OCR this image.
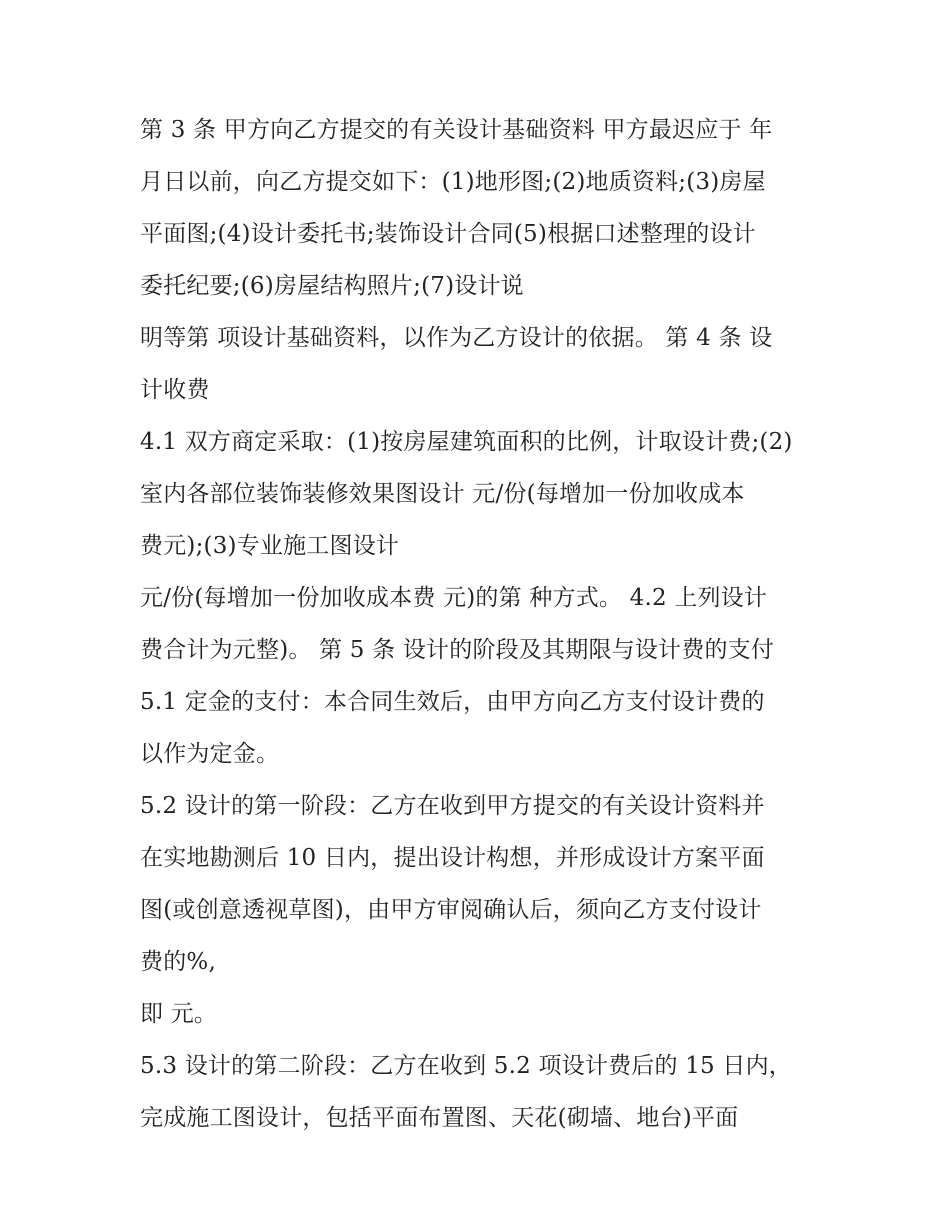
第 3 条 甲方向乙方提交的有关设计基础资料 甲方最迟应于 年
月日以前，向乙方提交如下：(1)地形图;(2)地质资料;(3)房屋
平面图;(4)设计委托书;装饰设计合同(5)根据口述整理的设计
委托纪要;(6)房屋结构照片;(7)设计说
明等第 项设计基础资料，以作为乙方设计的依据。 第 4 条 设
计收费
4.1 双方商定采取：(1)按房屋建筑面积的比例，计取设计费;(2)
室内各部位装饰装修效果图设计 元/份(每增加一份加收成本
费元);(3)专业施工图设计
元/份(每增加一份加收成本费 元)的第 种方式。 4.2 上列设计
费合计为元整)。 第 5 条 设计的阶段及其期限与设计费的支付
5.1 定金的支付：本合同生效后，由甲方向乙方支付设计费的
以作为定金。
5.2 设计的第一阶段：乙方在收到甲方提交的有关设计资料并
在实地勘测后 10 日内，提出设计构想，并形成设计方案平面
图(或创意透视草图)，由甲方审阅确认后，须向乙方支付设计
费的%,
即 元。
5.3 设计的第二阶段：乙方在收到 5.2 项设计费后的 15 日内，
完成施工图设计，包括平面布置图、天花(砌墙、地台)平面
